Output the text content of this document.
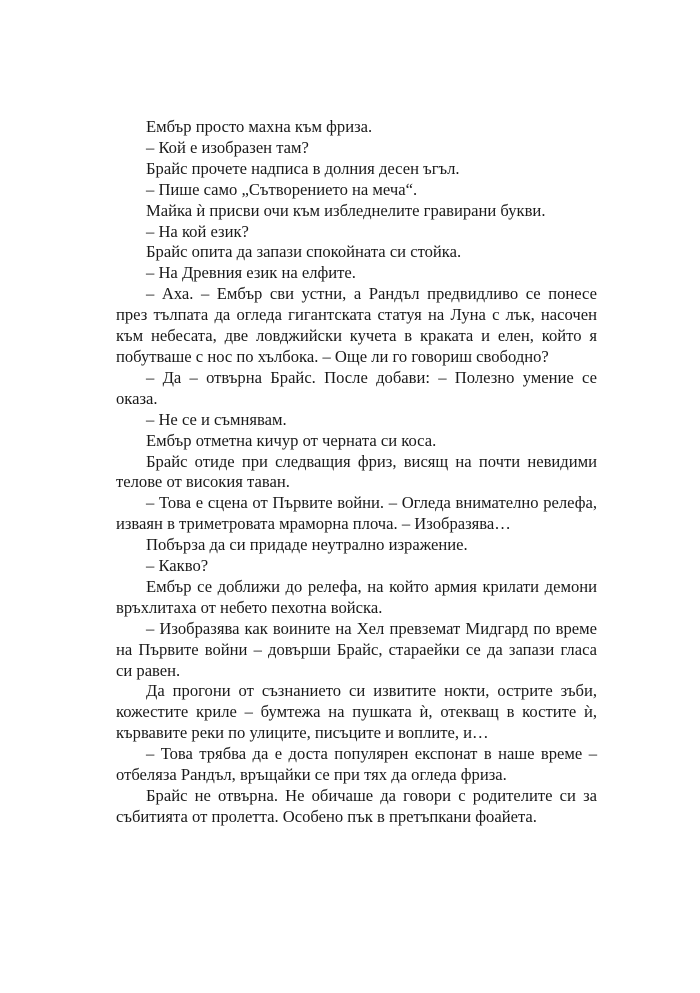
Ембър просто махна към фриза.

– Кой е изобразен там?

Брайс прочете надписа в долния десен ъгъл.

– Пише само „Сътворението на меча“.

Майка ѝ присви очи към избледнелите гравирани букви.

– На кой език?

Брайс опита да запази спокойната си стойка.

– На Древния език на елфите.

– Аха. – Ембър сви устни, а Рандъл предвидливо се понесе през тълпата да огледа гигантската статуя на Луна с лък, насочен към небесата, две ловджийски кучета в краката и елен, който я побутваше с нос по хълбока. – Още ли го говориш свободно?

– Да – отвърна Брайс. После добави: – Полезно умение се оказа.

– Не се и съмнявам.

Ембър отметна кичур от черната си коса.

Брайс отиде при следващия фриз, висящ на почти невидими телове от високия таван.

– Това е сцена от Първите войни. – Огледа внимателно релефа, изваян в триметровата мраморна плоча. – Изобразява…

Побърза да си придаде неутрално изражение.

– Какво?

Ембър се доближи до релефа, на който армия крилати демони връхлитаха от небето пехотна войска.

– Изобразява как воините на Хел превземат Мидгард по време на Първите войни – довърши Брайс, стараейки се да запази гласа си равен.

Да прогони от съзнанието си извитите нокти, острите зъби, кожестите криле – бумтежа на пушката ѝ, отекващ в костите ѝ, кървавите реки по улиците, писъците и воплите, и…

– Това трябва да е доста популярен експонат в наше време – отбеляза Рандъл, връщайки се при тях да огледа фриза.

Брайс не отвърна. Не обичаше да говори с родителите си за събитията от пролетта. Особено пък в претъпкани фоайета.
